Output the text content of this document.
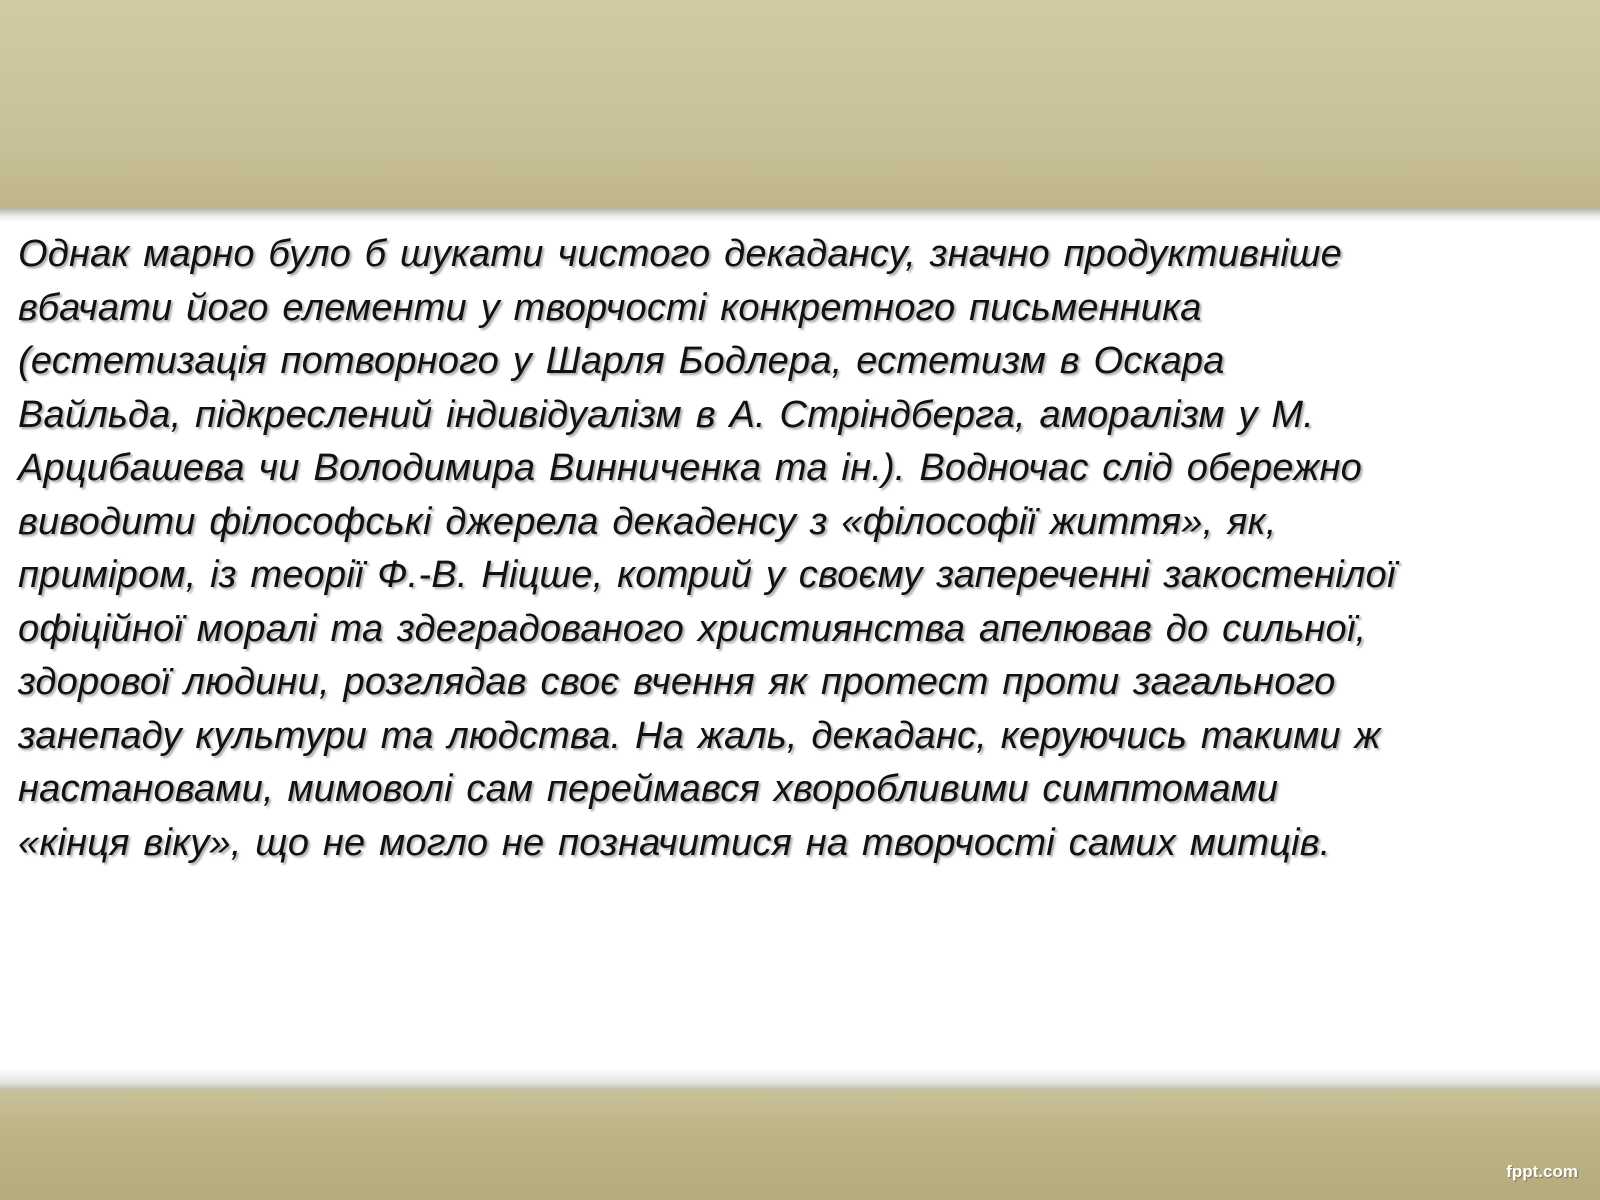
Однак марно було б шукати чистого декадансу, значно продуктивніше
вбачати його елементи у творчості конкретного письменника
(естетизація потворного у Шарля Бодлера, естетизм в Оскара
Вайльда, підкреслений індивідуалізм в А. Стріндберга, аморалізм у М.
Арцибашева чи Володимира Винниченка та ін.). Водночас слід обережно
виводити філософські джерела декаденсу з «філософії життя», як,
приміром, із теорії Ф.-В. Ніцше, котрий у своєму запереченні закостенілої
офіційної моралі та здеградованого християнства апелював до сильної,
здорової людини, розглядав своє вчення як протест проти загального
занепаду культури та людства. На жаль, декаданс, керуючись такими ж
настановами, мимоволі сам переймався хворобливими симптомами
«кінця віку», що не могло не позначитися на творчості самих митців.
fppt.com
